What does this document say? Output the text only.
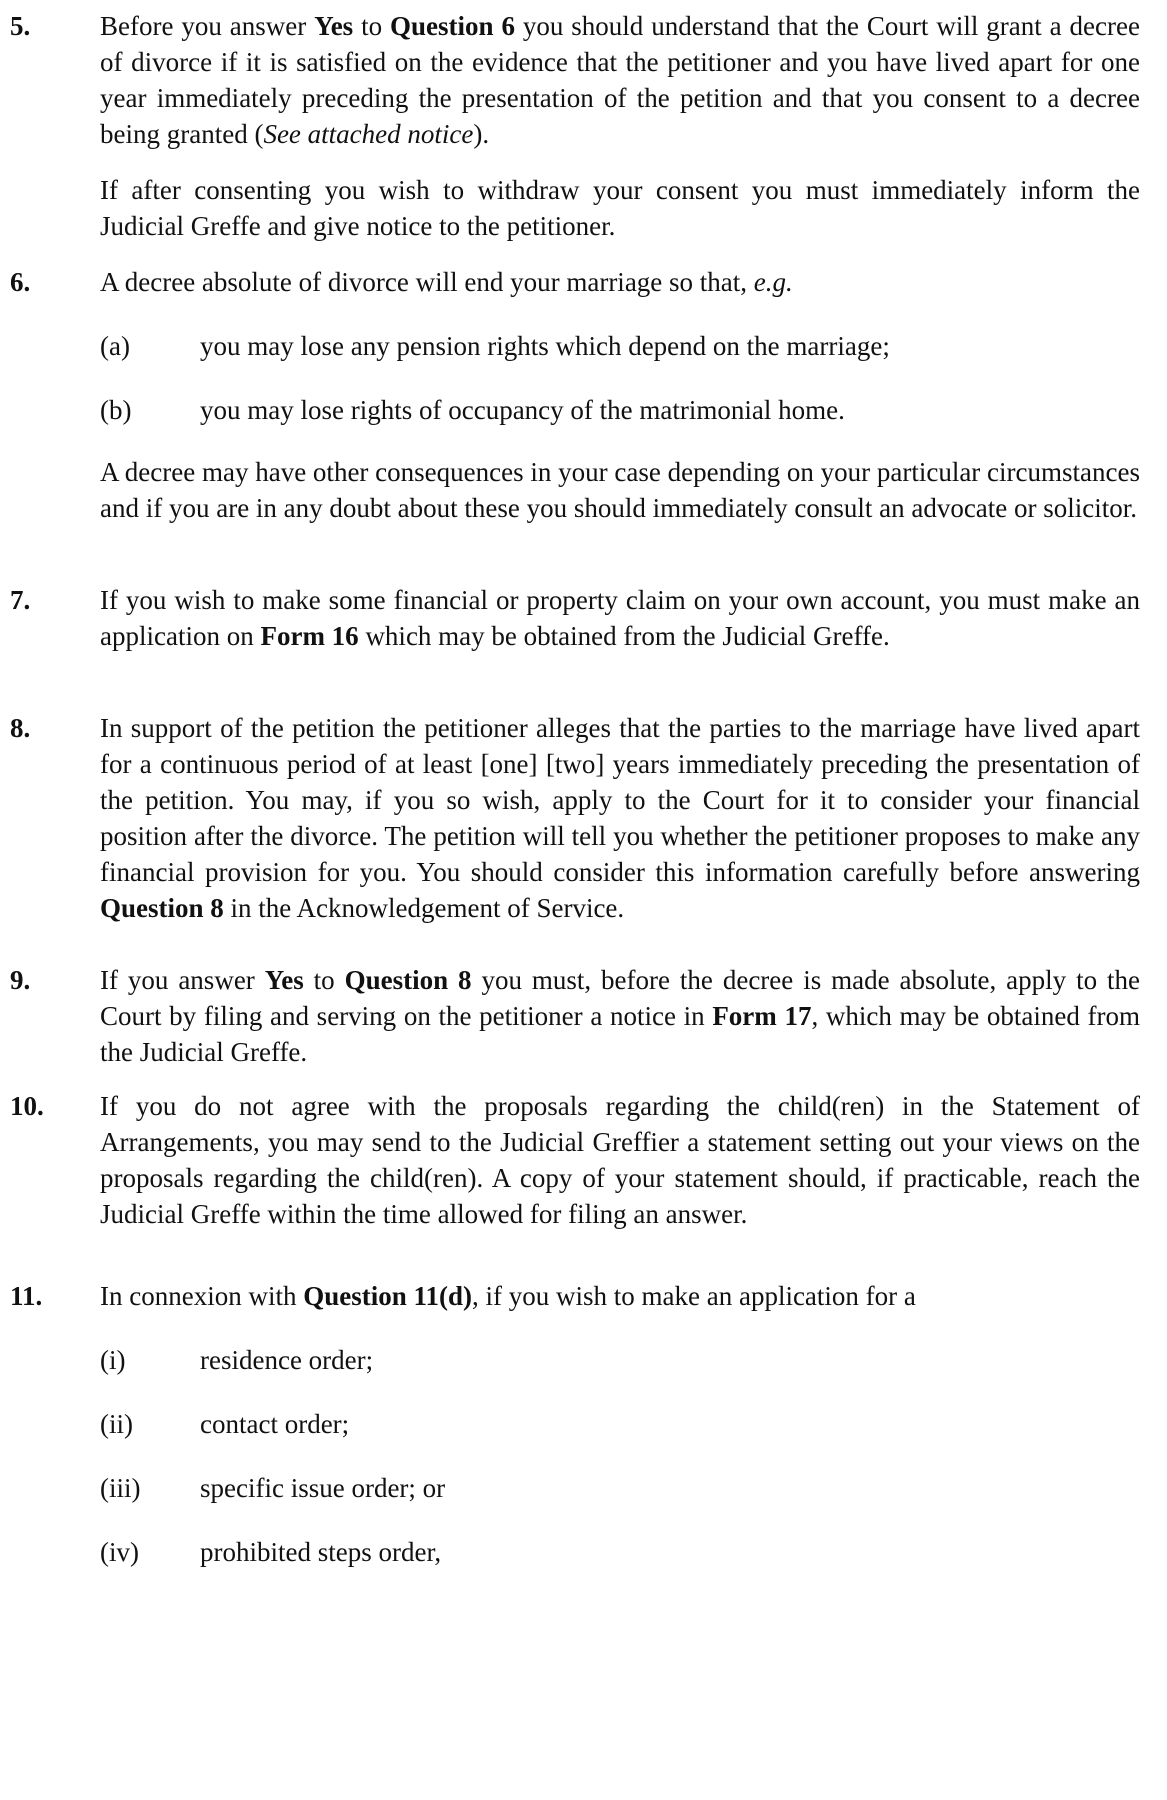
5.	Before you answer Yes to Question 6 you should understand that the Court will grant a decree of divorce if it is satisfied on the evidence that the petitioner and you have lived apart for one year immediately preceding the presentation of the petition and that you consent to a decree being granted (See attached notice).

If after consenting you wish to withdraw your consent you must immediately inform the Judicial Greffe and give notice to the petitioner.

6.	A decree absolute of divorce will end your marriage so that, e.g.

(a)	you may lose any pension rights which depend on the marriage;
(b)	you may lose rights of occupancy of the matrimonial home.

A decree may have other consequences in your case depending on your particular circumstances and if you are in any doubt about these you should immediately consult an advocate or solicitor.

7.	If you wish to make some financial or property claim on your own account, you must make an application on Form 16 which may be obtained from the Judicial Greffe.

8.	In support of the petition the petitioner alleges that the parties to the marriage have lived apart for a continuous period of at least [one] [two] years immediately preceding the presentation of the petition. You may, if you so wish, apply to the Court for it to consider your financial position after the divorce. The petition will tell you whether the petitioner proposes to make any financial provision for you. You should consider this information carefully before answering Question 8 in the Acknowledgement of Service.

9.	If you answer Yes to Question 8 you must, before the decree is made absolute, apply to the Court by filing and serving on the petitioner a notice in Form 17, which may be obtained from the Judicial Greffe.

10.	If you do not agree with the proposals regarding the child(ren) in the Statement of Arrangements, you may send to the Judicial Greffier a statement setting out your views on the proposals regarding the child(ren). A copy of your statement should, if practicable, reach the Judicial Greffe within the time allowed for filing an answer.

11.	In connexion with Question 11(d), if you wish to make an application for a

(i)	residence order;
(ii) contact order;
(iii) specific issue order; or
(iv) prohibited steps order,
